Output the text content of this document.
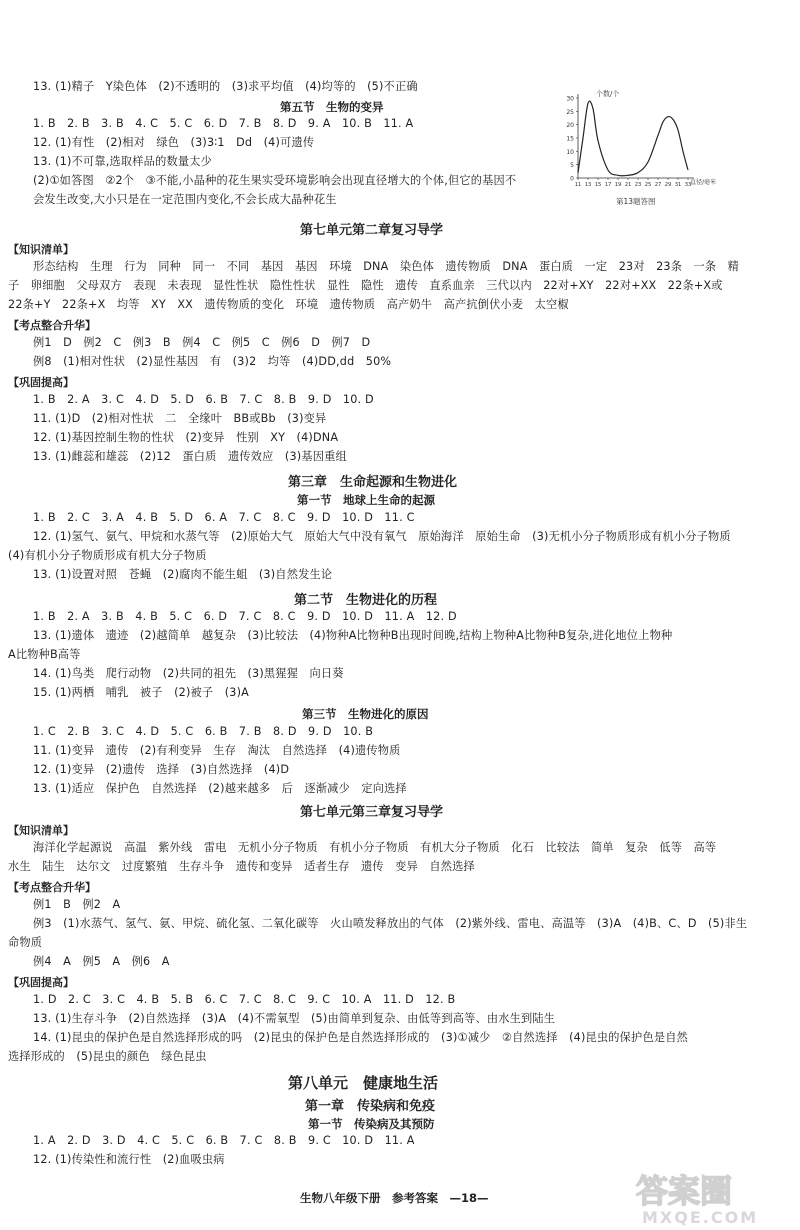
13. (1)精子　Y染色体　(2)不透明的　(3)求平均值　(4)均等的　(5)不正确
第五节　生物的变异
1. B　2. B　3. B　4. C　5. C　6. D　7. B　8. D　9. A　10. B　11. A
12. (1)有性　(2)相对　绿色　(3)3∶1　Dd　(4)可遗传
13. (1)不可靠,选取样品的数量太少
(2)①如答图　②2个　③不能,小晶种的花生果实受环境影响会出现直径增大的个体,但它的基因不
会发生改变,大小只是在一定范围内变化,不会长成大晶种花生
个数/个
直径/毫米
第13题答图
30
25
20
15
10
5
0
11 13 15 17 19 21 23 25 27 29 31 33
第七单元第二章复习导学
【知识清单】
形态结构　生理　行为　同种　同一　不同　基因　基因　环境　DNA　染色体　遗传物质　DNA　蛋白质　一定　23对　23条　一条　精
子　卵细胞　父母双方　表现　未表现　显性性状　隐性性状　显性　隐性　遗传　直系血亲　三代以内　22对+XY　22对+XX　22条+X或
22条+Y　22条+X　均等　XY　XX　遗传物质的变化　环境　遗传物质　高产奶牛　高产抗倒伏小麦　太空椒
【考点整合升华】
例1　D　例2　C　例3　B　例4　C　例5　C　例6　D　例7　D
例8　(1)相对性状　(2)显性基因　有　(3)2　均等　(4)DD,dd　50%
【巩固提高】
1. B　2. A　3. C　4. D　5. D　6. B　7. C　8. B　9. D　10. D
11. (1)D　(2)相对性状　二　全缘叶　BB或Bb　(3)变异
12. (1)基因控制生物的性状　(2)变异　性别　XY　(4)DNA
13. (1)雌蕊和雄蕊　(2)12　蛋白质　遗传效应　(3)基因重组
第三章　生命起源和生物进化
第一节　地球上生命的起源
1. B　2. C　3. A　4. B　5. D　6. A　7. C　8. C　9. D　10. D　11. C
12. (1)氢气、氨气、甲烷和水蒸气等　(2)原始大气　原始大气中没有氧气　原始海洋　原始生命　(3)无机小分子物质形成有机小分子物质
(4)有机小分子物质形成有机大分子物质
13. (1)设置对照　苍蝇　(2)腐肉不能生蛆　(3)自然发生论
第二节　生物进化的历程
1. B　2. A　3. B　4. B　5. C　6. D　7. C　8. C　9. D　10. D　11. A　12. D
13. (1)遗体　遗迹　(2)越简单　越复杂　(3)比较法　(4)物种A比物种B出现时间晚,结构上物种A比物种B复杂,进化地位上物种
A比物种B高等
14. (1)鸟类　爬行动物　(2)共同的祖先　(3)黑猩猩　向日葵
15. (1)两栖　哺乳　被子　(2)被子　(3)A
第三节　生物进化的原因
1. C　2. B　3. C　4. D　5. C　6. B　7. B　8. D　9. D　10. B
11. (1)变异　遗传　(2)有利变异　生存　淘汰　自然选择　(4)遗传物质
12. (1)变异　(2)遗传　选择　(3)自然选择　(4)D
13. (1)适应　保护色　自然选择　(2)越来越多　后　逐渐减少　定向选择
第七单元第三章复习导学
【知识清单】
海洋化学起源说　高温　紫外线　雷电　无机小分子物质　有机小分子物质　有机大分子物质　化石　比较法　简单　复杂　低等　高等
水生　陆生　达尔文　过度繁殖　生存斗争　遗传和变异　适者生存　遗传　变异　自然选择
【考点整合升华】
例1　B　例2　A
例3　(1)水蒸气、氢气、氨、甲烷、硫化氢、二氧化碳等　火山喷发释放出的气体　(2)紫外线、雷电、高温等　(3)A　(4)B、C、D　(5)非生
命物质
例4　A　例5　A　例6　A
【巩固提高】
1. D　2. C　3. C　4. B　5. B　6. C　7. C　8. C　9. C　10. A　11. D　12. B
13. (1)生存斗争　(2)自然选择　(3)A　(4)不需氧型　(5)由简单到复杂、由低等到高等、由水生到陆生
14. (1)昆虫的保护色是自然选择形成的吗　(2)昆虫的保护色是自然选择形成的　(3)①减少　②自然选择　(4)昆虫的保护色是自然
选择形成的　(5)昆虫的颜色　绿色昆虫
第八单元　健康地生活
第一章　传染病和免疫
第一节　传染病及其预防
1. A　2. D　3. D　4. C　5. C　6. B　7. C　8. B　9. C　10. D　11. A
12. (1)传染性和流行性　(2)血吸虫病
生物八年级下册　参考答案　—18—	答案圈
MXQE.COM
